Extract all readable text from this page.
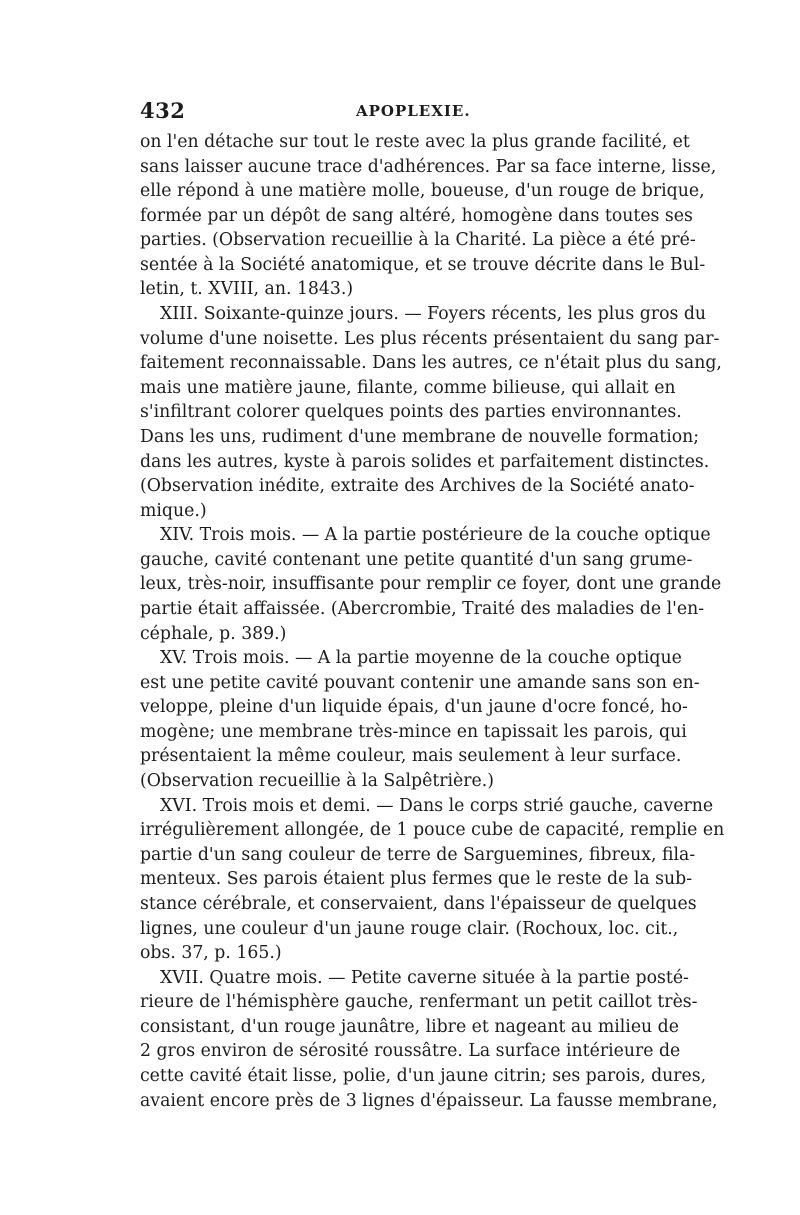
432	APOPLEXIE.

on l'en détache sur tout le reste avec la plus grande facilité, et
sans laisser aucune trace d'adhérences. Par sa face interne, lisse,
elle répond à une matière molle, boueuse, d'un rouge de brique,
formée par un dépôt de sang altéré, homogène dans toutes ses
parties. (Observation recueillie à la Charité. La pièce a été pré-
sentée à la Société anatomique, et se trouve décrite dans le Bul-
letin, t. XVIII, an. 1843.)

XIII. Soixante-quinze jours. — Foyers récents, les plus gros du
volume d'une noisette. Les plus récents présentaient du sang par-
faitement reconnaissable. Dans les autres, ce n'était plus du sang,
mais une matière jaune, filante, comme bilieuse, qui allait en
s'infiltrant colorer quelques points des parties environnantes.
Dans les uns, rudiment d'une membrane de nouvelle formation;
dans les autres, kyste à parois solides et parfaitement distinctes.
(Observation inédite, extraite des Archives de la Société anato-
mique.)

XIV. Trois mois. — A la partie postérieure de la couche optique
gauche, cavité contenant une petite quantité d'un sang grume-
leux, très-noir, insuffisante pour remplir ce foyer, dont une grande
partie était affaissée. (Abercrombie, Traité des maladies de l'en-
céphale, p. 389.)

XV. Trois mois. — A la partie moyenne de la couche optique
est une petite cavité pouvant contenir une amande sans son en-
veloppe, pleine d'un liquide épais, d'un jaune d'ocre foncé, ho-
mogène; une membrane très-mince en tapissait les parois, qui
présentaient la même couleur, mais seulement à leur surface.
(Observation recueillie à la Salpêtrière.)

XVI. Trois mois et demi. — Dans le corps strié gauche, caverne
irrégulièrement allongée, de 1 pouce cube de capacité, remplie en
partie d'un sang couleur de terre de Sarguemines, fibreux, fila-
menteux. Ses parois étaient plus fermes que le reste de la sub-
stance cérébrale, et conservaient, dans l'épaisseur de quelques
lignes, une couleur d'un jaune rouge clair. (Rochoux, loc. cit.,
obs. 37, p. 165.)

XVII. Quatre mois. — Petite caverne située à la partie posté-
rieure de l'hémisphère gauche, renfermant un petit caillot très-
consistant, d'un rouge jaunâtre, libre et nageant au milieu de
2 gros environ de sérosité roussâtre. La surface intérieure de
cette cavité était lisse, polie, d'un jaune citrin; ses parois, dures,
avaient encore près de 3 lignes d'épaisseur. La fausse membrane,
